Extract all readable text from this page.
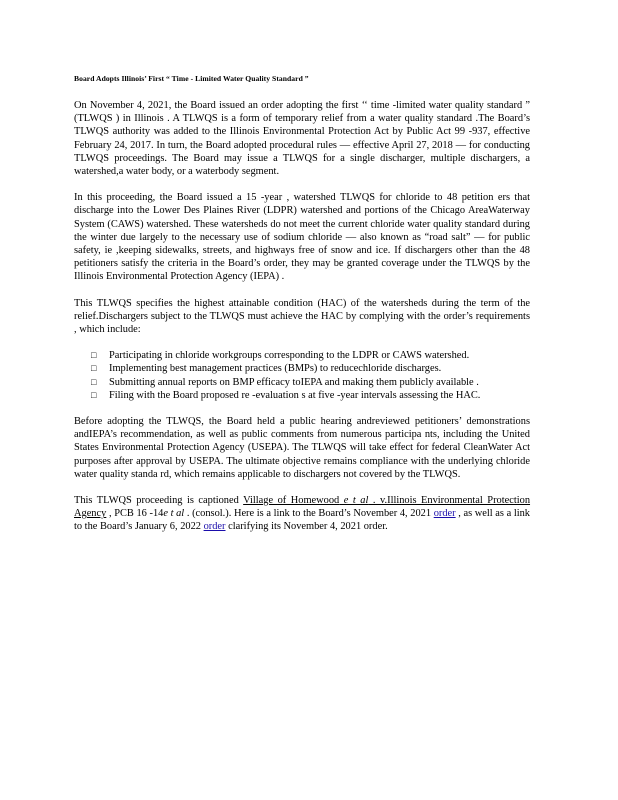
Board Adopts Illinois’ First “ Time - Limited Water Quality Standard ”

On November 4, 2021, the Board issued an order adopting the first ‘‘ time -limited water quality standard ” (TLWQS ) in Illinois . A TLWQS is a form of temporary relief from a water quality standard .The Board’s TLWQS authority was added to the Illinois Environmental Protection Act by Public Act 99 -937, effective February 24, 2017. In turn, the Board adopted procedural rules — effective April 27, 2018 — for conducting TLWQS proceedings. The Board may issue a TLWQS for a single discharger, multiple dischargers, a watershed,a water body, or a waterbody segment.

In this proceeding, the Board issued a 15 -year , watershed TLWQS for chloride to 48 petition ers that discharge into the Lower Des Plaines River (LDPR) watershed and portions of the Chicago AreaWaterway System (CAWS) watershed. These watersheds do not meet the current chloride water quality standard during the winter due largely to the necessary use of sodium chloride — also known as “road salt” — for public safety, ie ,keeping sidewalks, streets, and highways free of snow and ice. If dischargers other than the 48 petitioners satisfy the criteria in the Board’s order, they may be granted coverage under the TLWQS by the Illinois Environmental Protection Agency (IEPA) .

This TLWQS specifies the highest attainable condition (HAC) of the watersheds during the term of the relief.Dischargers subject to the TLWQS must achieve the HAC by complying with the order’s requirements , which include:

□ Participating in chloride workgroups corresponding to the LDPR or CAWS watershed.
□ Implementing best management practices (BMPs) to reducechloride discharges.
□ Submitting annual reports on BMP efficacy toIEPA and making them publicly available .
□ Filing with the Board proposed re -evaluation s at five -year intervals assessing the HAC.

Before adopting the TLWQS, the Board held a public hearing andreviewed petitioners’ demonstrations andIEPA’s recommendation, as well as public comments from numerous participa nts, including the United States Environmental Protection Agency (USEPA). The TLWQS will take effect for federal CleanWater Act purposes after approval by USEPA. The ultimate objective remains compliance with the underlying chloride water quality standa rd, which remains applicable to dischargers not covered by the TLWQS.

This TLWQS proceeding is captioned Village of Homewood e t al . v.Illinois Environmental Protection Agency , PCB 16 -14e t al . (consol.). Here is a link to the Board’s November 4, 2021 order , as well as a link to the Board’s January 6, 2022 order clarifying its November 4, 2021 order.
